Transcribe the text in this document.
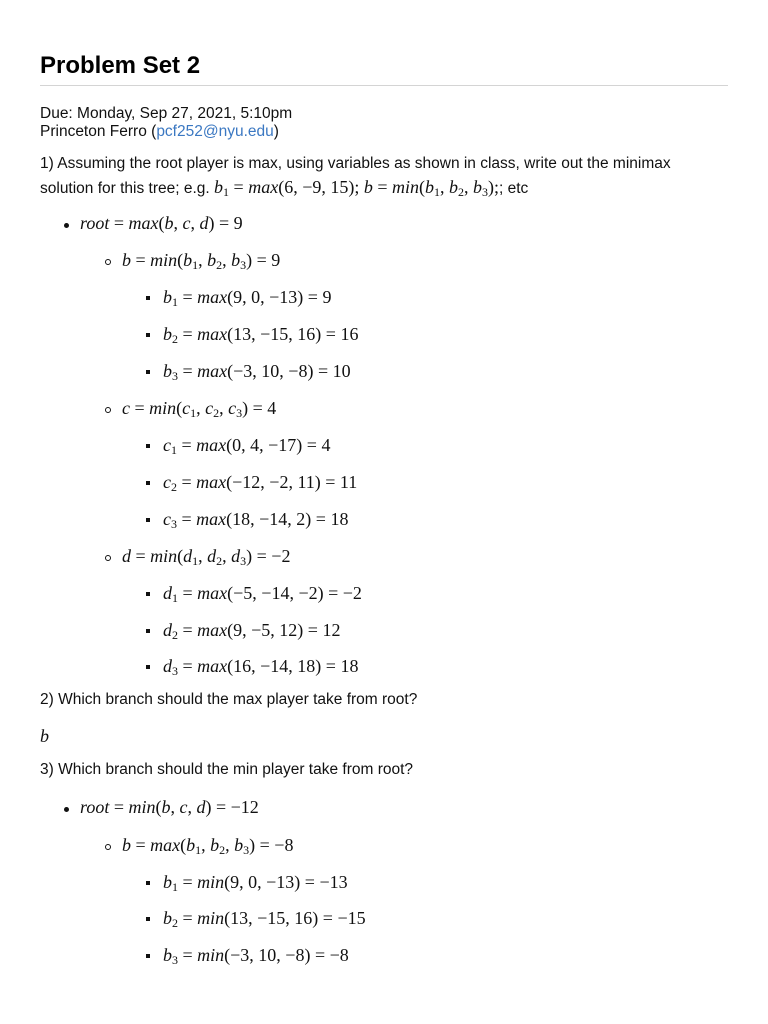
Problem Set 2
Due: Monday, Sep 27, 2021, 5:10pm
Princeton Ferro (pcf252@nyu.edu)
1) Assuming the root player is max, using variables as shown in class, write out the minimax
solution for this tree; e.g. $b_1 = \max(6$, −9, 15); $b = \min(b_1$, $b_2$, $b_3$);; etc
root = max(b, c, d) = 9
$b = \min(b_1$, $b_2$, $b_3) = 9$
$b_1 = \max(9$, 0, −13) = 9
$b_2 = \max(13$, −15, 16) = 16
$b_3 = \max(-3$, 10, −8) = 10
$c = \min(c_1$, $c_2$, $c_3) = 4$
$c_1 = \max(0$, 4, −17) = 4
$c_2 = \max(-12$, −2, 11) = 11
$c_3 = \max(18$, −14, 2) = 18
$d = \min(d_1$, $d_2$, $d_3) = -2$
$d_1 = \max(-5$, −14, −2) = −2
$d_2 = \max(9$, −5, 12) = 12
$d_3 = \max(16$, −14, 18) = 18
2) Which branch should the max player take from root?
b
3) Which branch should the min player take from root?
root = min(b, c, d) = −12
$b = \max(b_1$, $b_2$, $b_3) = -8$
$b_1 = \min(9$, 0, −13) = −13
$b_2 = \min(13$, −15, 16) = −15
$b_3 = \min(-3$, 10, −8) = −8
